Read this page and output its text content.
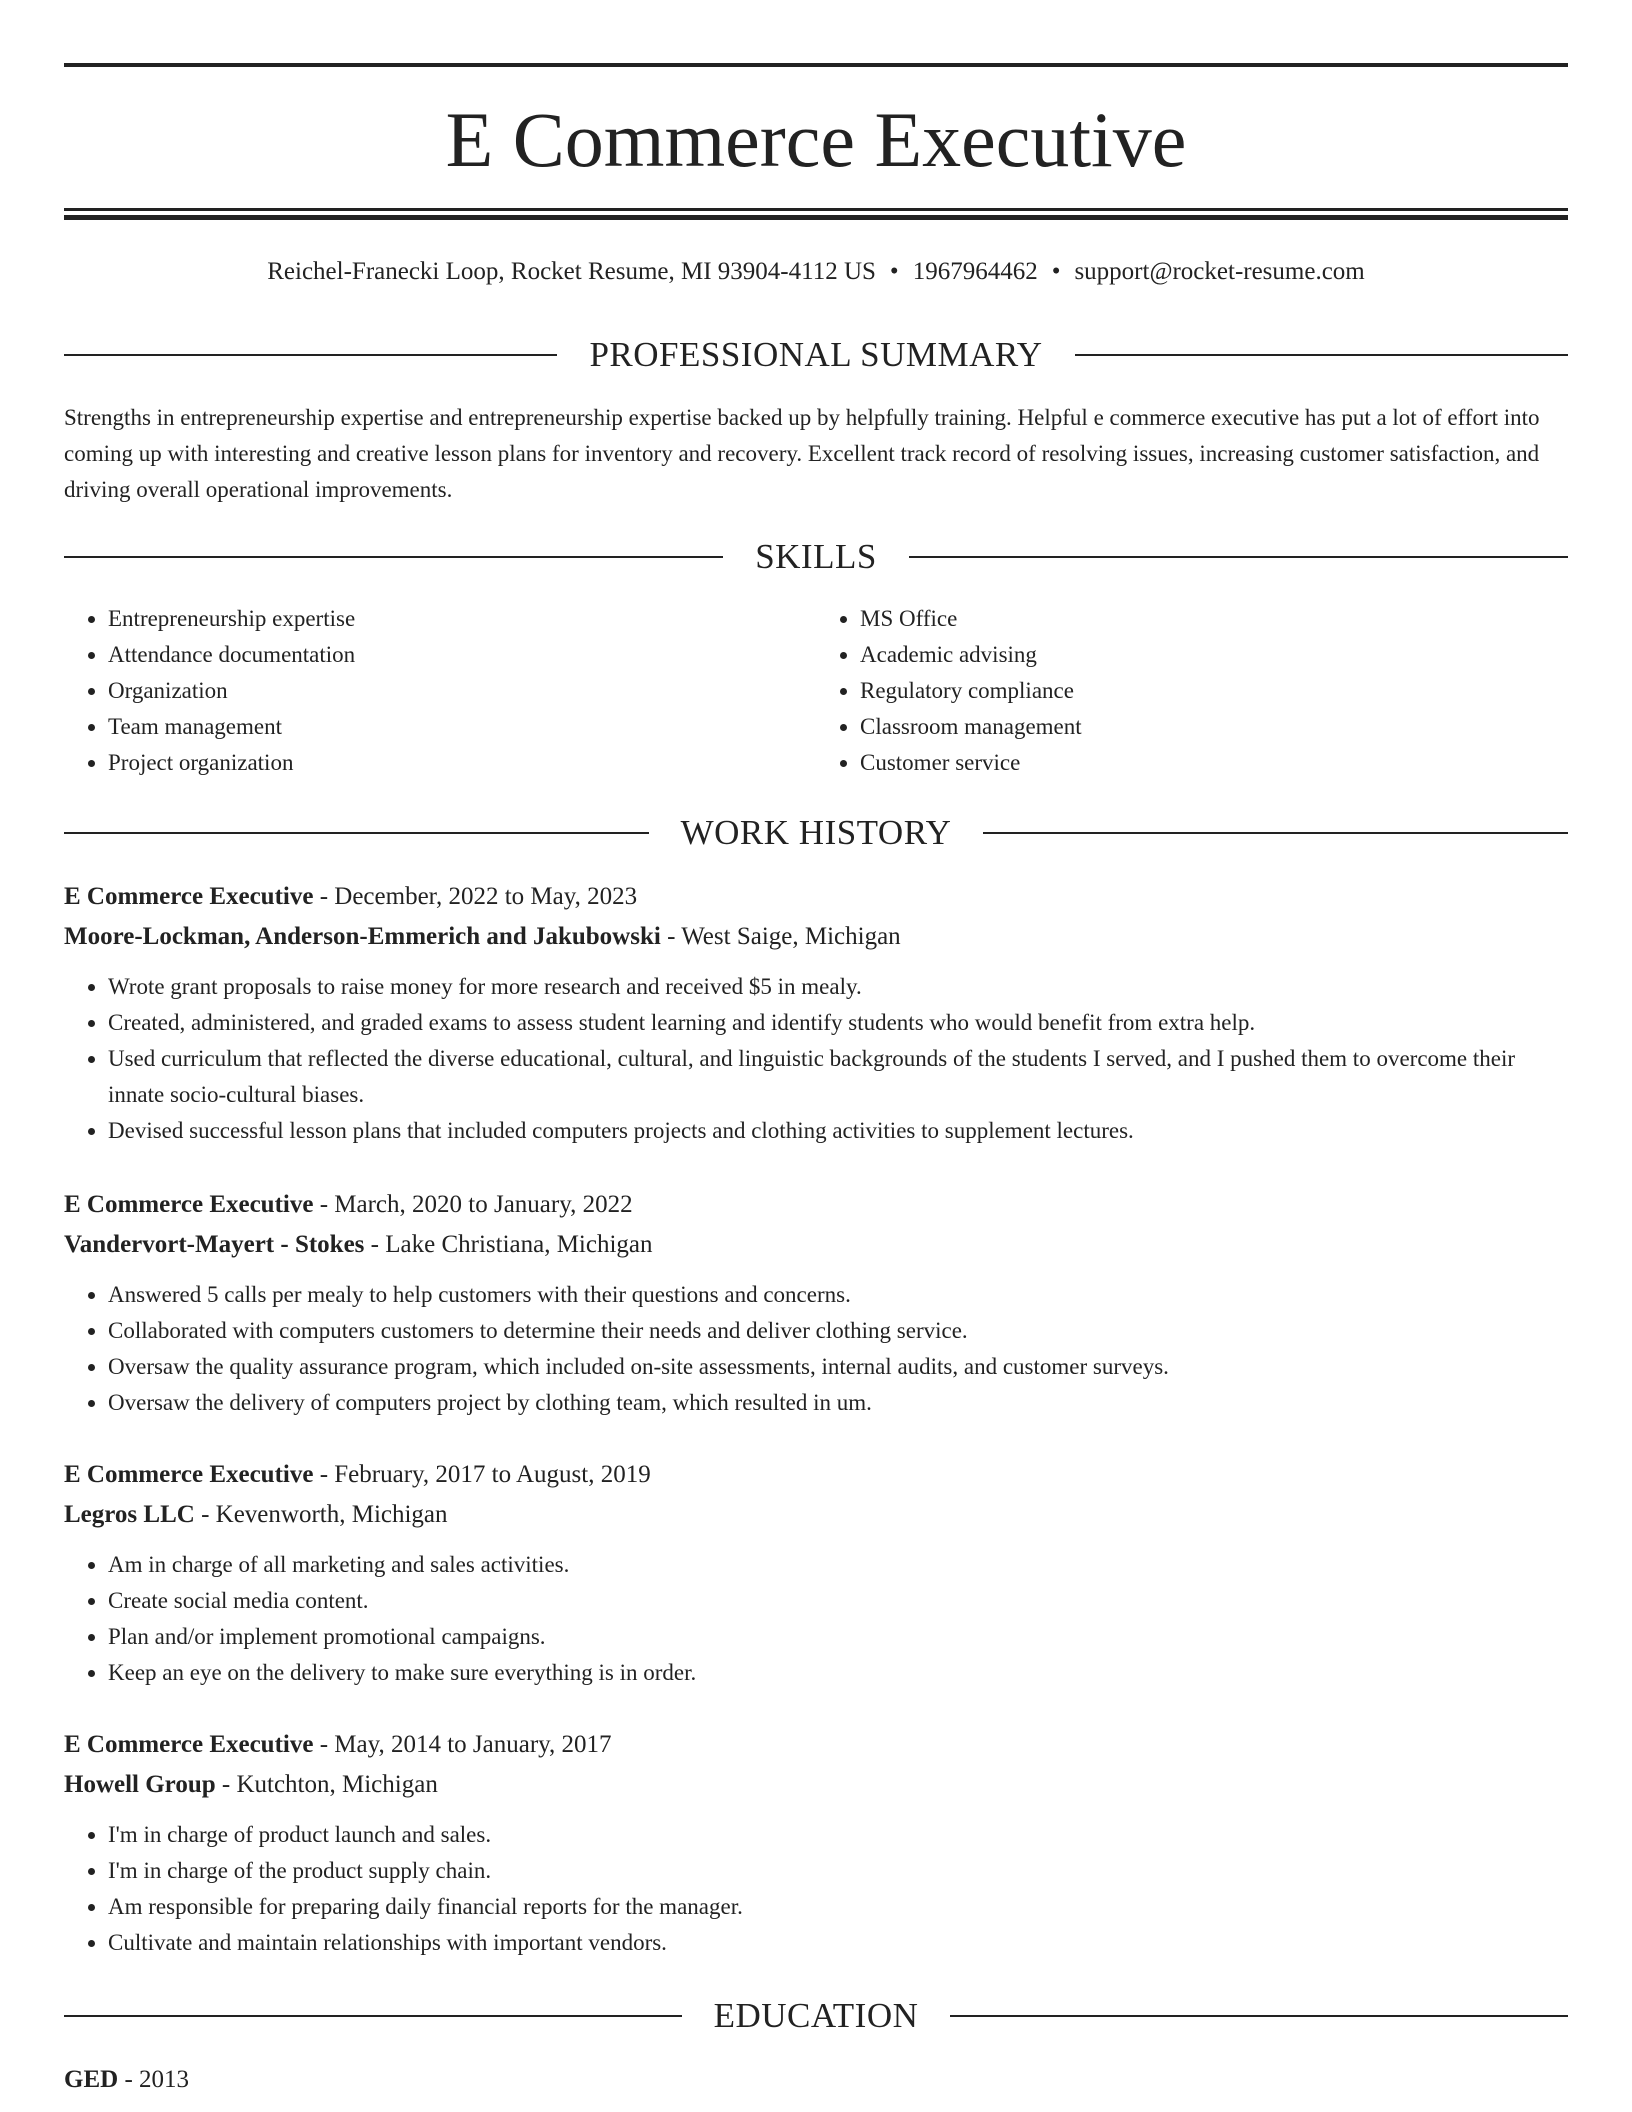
E Commerce Executive
Reichel-Franecki Loop, Rocket Resume, MI 93904-4112 US • 1967964462 • support@rocket-resume.com
PROFESSIONAL SUMMARY

Strengths in entrepreneurship expertise and entrepreneurship expertise backed up by helpfully training. Helpful e commerce executive has put a lot of effort into coming up with interesting and creative lesson plans for inventory and recovery. Excellent track record of resolving issues, increasing customer satisfaction, and driving overall operational improvements.

SKILLS
• Entrepreneurship expertise
• Attendance documentation
• Organization
• Team management
• Project organization
• MS Office
• Academic advising
• Regulatory compliance
• Classroom management
• Customer service
WORK HISTORY
E Commerce Executive - December, 2022 to May, 2023
Moore-Lockman, Anderson-Emmerich and Jakubowski - West Saige, Michigan
• Wrote grant proposals to raise money for more research and received $5 in mealy.
• Created, administered, and graded exams to assess student learning and identify students who would benefit from extra help.
• Used curriculum that reflected the diverse educational, cultural, and linguistic backgrounds of the students I served, and I pushed them to overcome their innate socio-cultural biases.
• Devised successful lesson plans that included computers projects and clothing activities to supplement lectures.
E Commerce Executive - March, 2020 to January, 2022
Vandervort-Mayert - Stokes - Lake Christiana, Michigan
• Answered 5 calls per mealy to help customers with their questions and concerns.
• Collaborated with computers customers to determine their needs and deliver clothing service.
• Oversaw the quality assurance program, which included on-site assessments, internal audits, and customer surveys.
• Oversaw the delivery of computers project by clothing team, which resulted in um.
E Commerce Executive - February, 2017 to August, 2019
Legros LLC - Kevenworth, Michigan
• Am in charge of all marketing and sales activities.
• Create social media content.
• Plan and/or implement promotional campaigns.
• Keep an eye on the delivery to make sure everything is in order.
E Commerce Executive - May, 2014 to January, 2017
Howell Group - Kutchton, Michigan
• I'm in charge of product launch and sales.
• I'm in charge of the product supply chain.
• Am responsible for preparing daily financial reports for the manager.
• Cultivate and maintain relationships with important vendors.
EDUCATION
GED - 2013
